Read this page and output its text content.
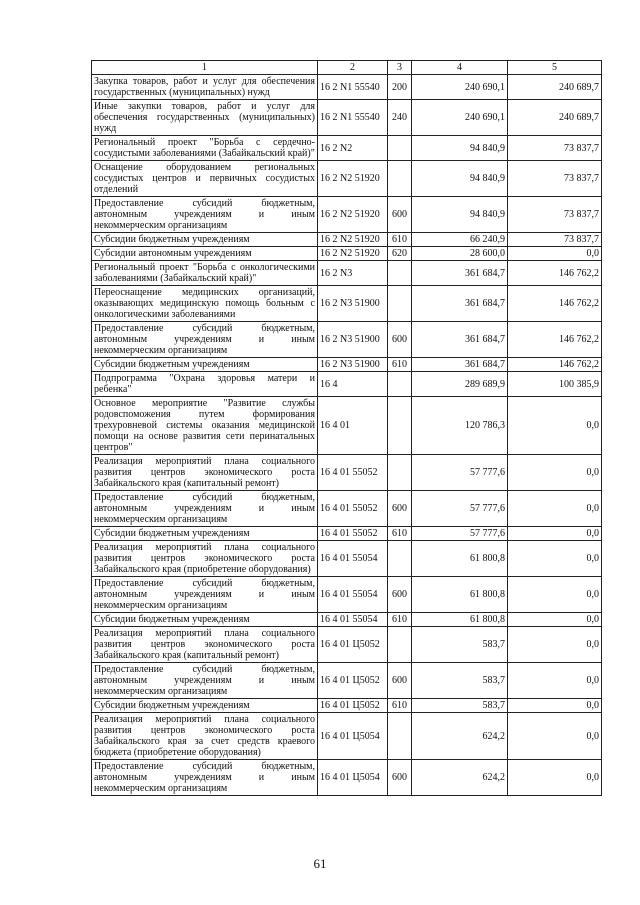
1	2	3	4	5
Закупка товаров, работ и услуг для обеспечения государственных (муниципальных) нужд	16 2 N1 55540	200	240 690,1	240 689,7
Иные закупки товаров, работ и услуг для обеспечения государственных (муниципальных) нужд	16 2 N1 55540	240	240 690,1	240 689,7
Региональный проект "Борьба с сердечно-сосудистыми заболеваниями (Забайкальский край)"	16 2 N2		94 840,9	73 837,7
Оснащение оборудованием региональных сосудистых центров и первичных сосудистых отделений	16 2 N2 51920		94 840,9	73 837,7
Предоставление субсидий бюджетным, автономным учреждениям и иным некоммерческим организациям	16 2 N2 51920	600	94 840,9	73 837,7
Субсидии бюджетным учреждениям	16 2 N2 51920	610	66 240,9	73 837,7
Субсидии автономным учреждениям	16 2 N2 51920	620	28 600,0	0,0
Региональный проект "Борьба с онкологическими заболеваниями (Забайкальский край)"	16 2 N3		361 684,7	146 762,2
Переоснащение медицинских организаций, оказывающих медицинскую помощь больным с онкологическими заболеваниями	16 2 N3 51900		361 684,7	146 762,2
Предоставление субсидий бюджетным, автономным учреждениям и иным некоммерческим организациям	16 2 N3 51900	600	361 684,7	146 762,2
Субсидии бюджетным учреждениям	16 2 N3 51900	610	361 684,7	146 762,2
Подпрограмма "Охрана здоровья матери и ребенка"	16 4		289 689,9	100 385,9
Основное мероприятие "Развитие службы родовспоможения путем формирования трехуровневой системы оказания медицинской помощи на основе развития сети перинатальных центров"	16 4 01		120 786,3	0,0
Реализация мероприятий плана социального развития центров экономического роста Забайкальского края (капитальный ремонт)	16 4 01 55052		57 777,6	0,0
Предоставление субсидий бюджетным, автономным учреждениям и иным некоммерческим организациям	16 4 01 55052	600	57 777,6	0,0
Субсидии бюджетным учреждениям	16 4 01 55052	610	57 777,6	0,0
Реализация мероприятий плана социального развития центров экономического роста Забайкальского края (приобретение оборудования)	16 4 01 55054		61 800,8	0,0
Предоставление субсидий бюджетным, автономным учреждениям и иным некоммерческим организациям	16 4 01 55054	600	61 800,8	0,0
Субсидии бюджетным учреждениям	16 4 01 55054	610	61 800,8	0,0
Реализация мероприятий плана социального развития центров экономического роста Забайкальского края (капитальный ремонт)	16 4 01 Ц5052		583,7	0,0
Предоставление субсидий бюджетным, автономным учреждениям и иным некоммерческим организациям	16 4 01 Ц5052	600	583,7	0,0
Субсидии бюджетным учреждениям	16 4 01 Ц5052	610	583,7	0,0
Реализация мероприятий плана социального развития центров экономического роста Забайкальского края за счет средств краевого бюджета (приобретение оборудования)	16 4 01 Ц5054		624,2	0,0
Предоставление субсидий бюджетным, автономным учреждениям и иным некоммерческим организациям	16 4 01 Ц5054	600	624,2	0,0
61
